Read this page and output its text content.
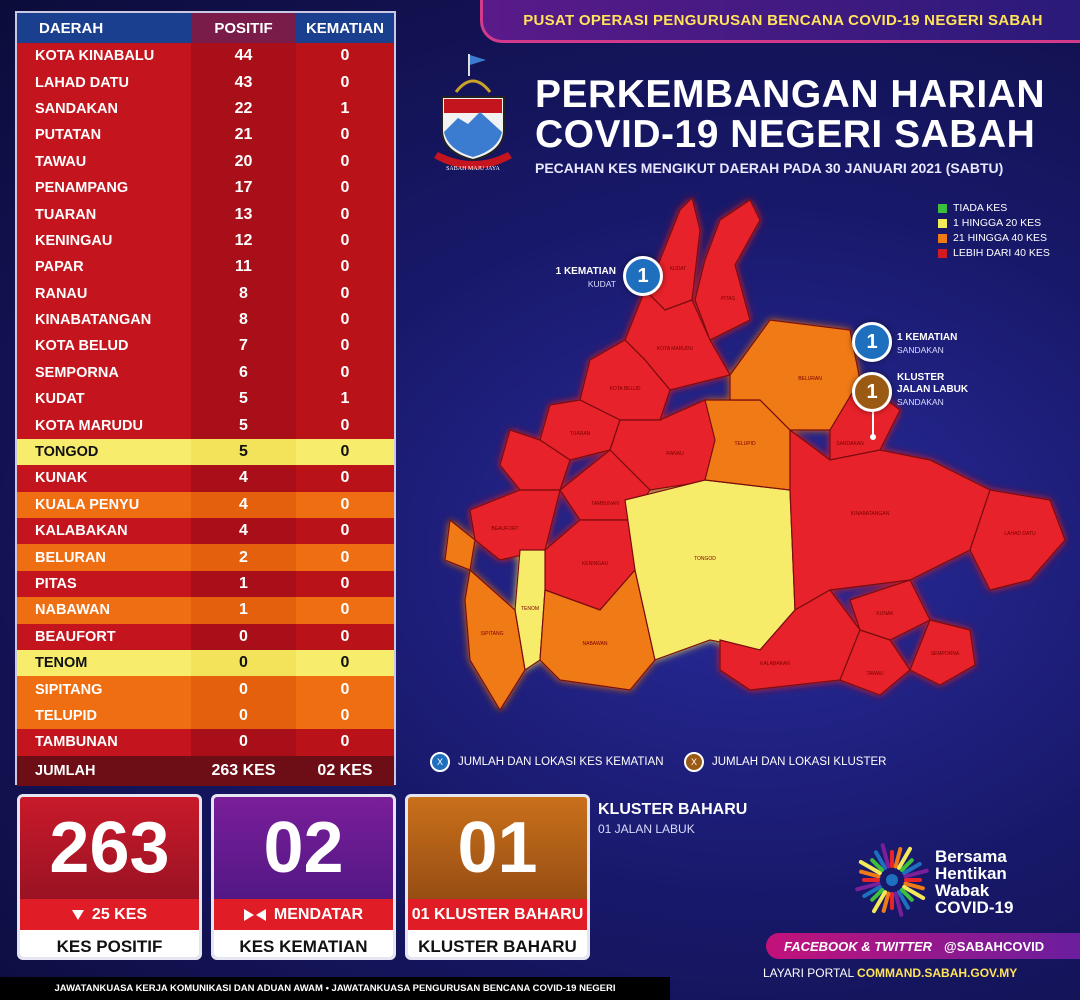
PUSAT OPERASI PENGURUSAN BENCANA COVID-19 NEGERI SABAH
DAERAH	POSITIF	KEMATIAN
KOTA KINABALU	44	0
LAHAD DATU	43	0
SANDAKAN	22	1
PUTATAN	21	0
TAWAU	20	0
PENAMPANG	17	0
TUARAN	13	0
KENINGAU	12	0
PAPAR	11	0
RANAU	8	0
KINABATANGAN	8	0
KOTA BELUD	7	0
SEMPORNA	6	0
KUDAT	5	1
KOTA MARUDU	5	0
TONGOD	5	0
KUNAK	4	0
KUALA PENYU	4	0
KALABAKAN	4	0
BELURAN	2	0
PITAS	1	0
NABAWAN	1	0
BEAUFORT	0	0
TENOM	0	0
SIPITANG	0	0
TELUPID	0	0
TAMBUNAN	0	0
JUMLAH	263 KES	02 KES
SABAH MAJU JAYA
PERKEMBANGAN HARIAN
COVID-19 NEGERI SABAH
PECAHAN KES MENGIKUT DAERAH PADA 30 JANUARI 2021 (SABTU)
TIADA KES
1 HINGGA 20 KES
21 HINGGA 40 KES
LEBIH DARI 40 KES
KUDAT
PITAS
KOTA MARUDU
KOTA BELUD
TUARAN
RANAU
BELURAN
SANDAKAN
TELUPID
TONGOD
KINABATANGAN
LAHAD DATU
KENINGAU
BEAUFORT
TENOM
SIPITANG
NABAWAN
KALABAKAN
KUNAK
TAWAU
SEMPORNA
TAMBUNAN
1
1 KEMATIAN
KUDAT
1	1 KEMATIAN
SANDAKAN
1
KLUSTER
JALAN LABUK
SANDAKAN
X	JUMLAH DAN LOKASI KES KEMATIAN	X	JUMLAH DAN LOKASI KLUSTER
263
25 KES
KES POSITIF
02
MENDATAR
KES KEMATIAN
01
01 KLUSTER BAHARU
KLUSTER BAHARU
KLUSTER BAHARU
01 JALAN LABUK
Bersama
Hentikan
Wabak
COVID-19
FACEBOOK & TWITTER @SABAHCOVID
LAYARI PORTAL COMMAND.SABAH.GOV.MY
JAWATANKUASA KERJA KOMUNIKASI DAN ADUAN AWAM • JAWATANKUASA PENGURUSAN BENCANA COVID-19 NEGERI
